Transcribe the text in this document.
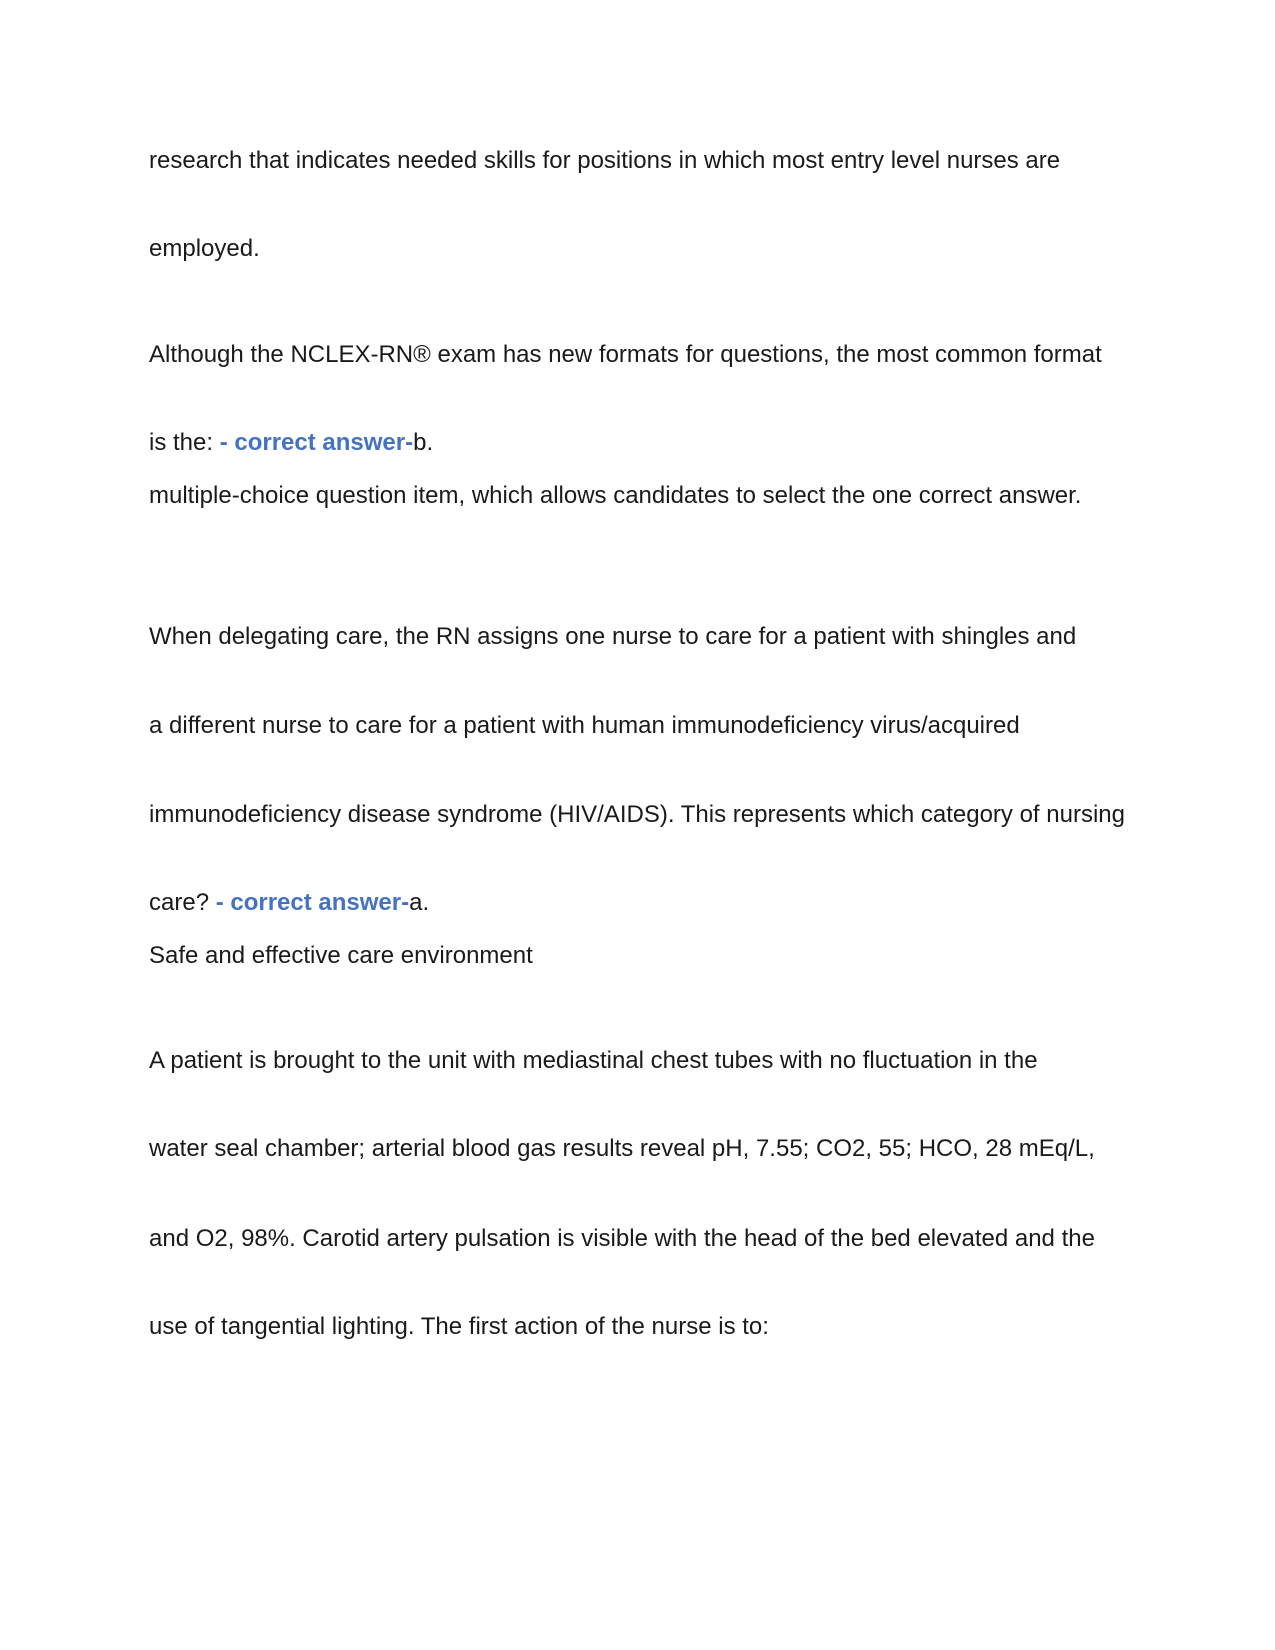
research that indicates needed skills for positions in which most entry level nurses are
employed.
Although the NCLEX-RN® exam has new formats for questions, the most common format
is the: - correct answer-b.
multiple-choice question item, which allows candidates to select the one correct answer.
When delegating care, the RN assigns one nurse to care for a patient with shingles and
a different nurse to care for a patient with human immunodeficiency virus/acquired
immunodeficiency disease syndrome (HIV/AIDS). This represents which category of nursing
care? - correct answer-a.
Safe and effective care environment
A patient is brought to the unit with mediastinal chest tubes with no fluctuation in the
water seal chamber; arterial blood gas results reveal pH, 7.55; CO2, 55; HCO, 28 mEq/L,
and O2, 98%. Carotid artery pulsation is visible with the head of the bed elevated and the
use of tangential lighting. The first action of the nurse is to:
